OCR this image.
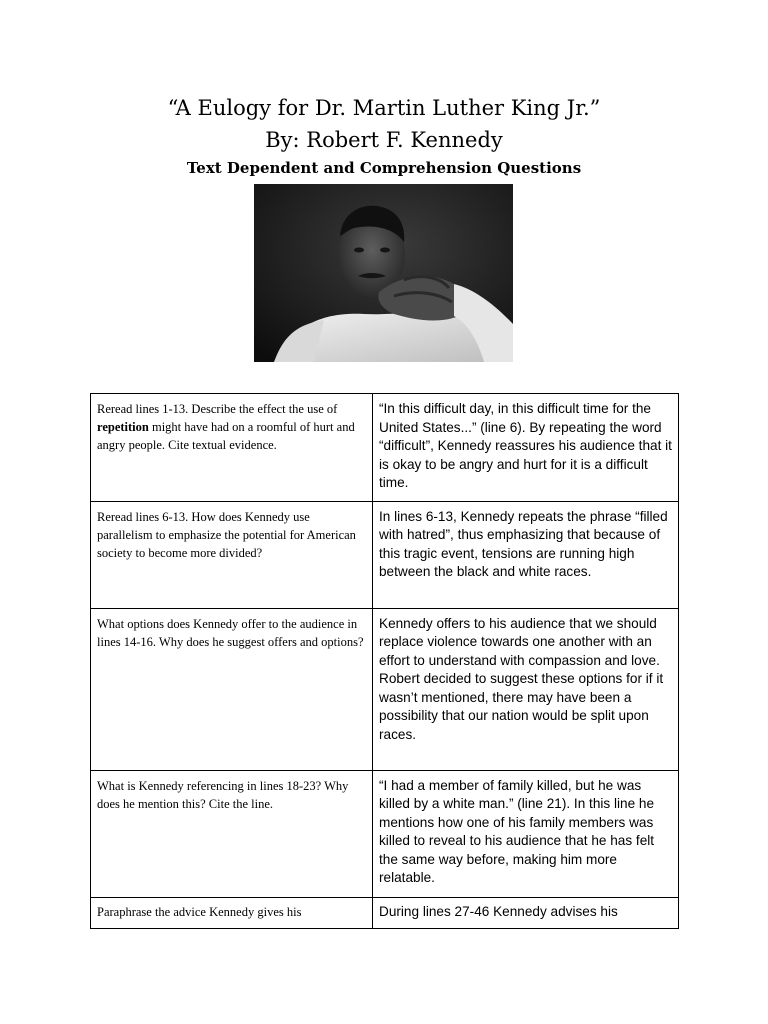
“A Eulogy for Dr. Martin Luther King Jr.”
By: Robert F. Kennedy
Text Dependent and Comprehension Questions
Reread lines 1-13. Describe the effect the use of repetition might have had on a roomful of hurt and angry people. Cite textual evidence.	“In this difficult day, in this difficult time for the United States...” (line 6). By repeating the word “difficult”, Kennedy reassures his audience that it is okay to be angry and hurt for it is a difficult time.
Reread lines 6-13. How does Kennedy use parallelism to emphasize the potential for American society to become more divided?	In lines 6-13, Kennedy repeats the phrase “filled with hatred”, thus emphasizing that because of this tragic event, tensions are running high between the black and white races.
What options does Kennedy offer to the audience in lines 14-16. Why does he suggest offers and options?	Kennedy offers to his audience that we should replace violence towards one another with an effort to understand with compassion and love. Robert decided to suggest these options for if it wasn’t mentioned, there may have been a possibility that our nation would be split upon races.
What is Kennedy referencing in lines 18-23? Why does he mention this? Cite the line.	“I had a member of family killed, but he was killed by a white man.” (line 21). In this line he mentions how one of his family members was killed to reveal to his audience that he has felt the same way before, making him more relatable.
Paraphrase the advice Kennedy gives his	During lines 27-46 Kennedy advises his
